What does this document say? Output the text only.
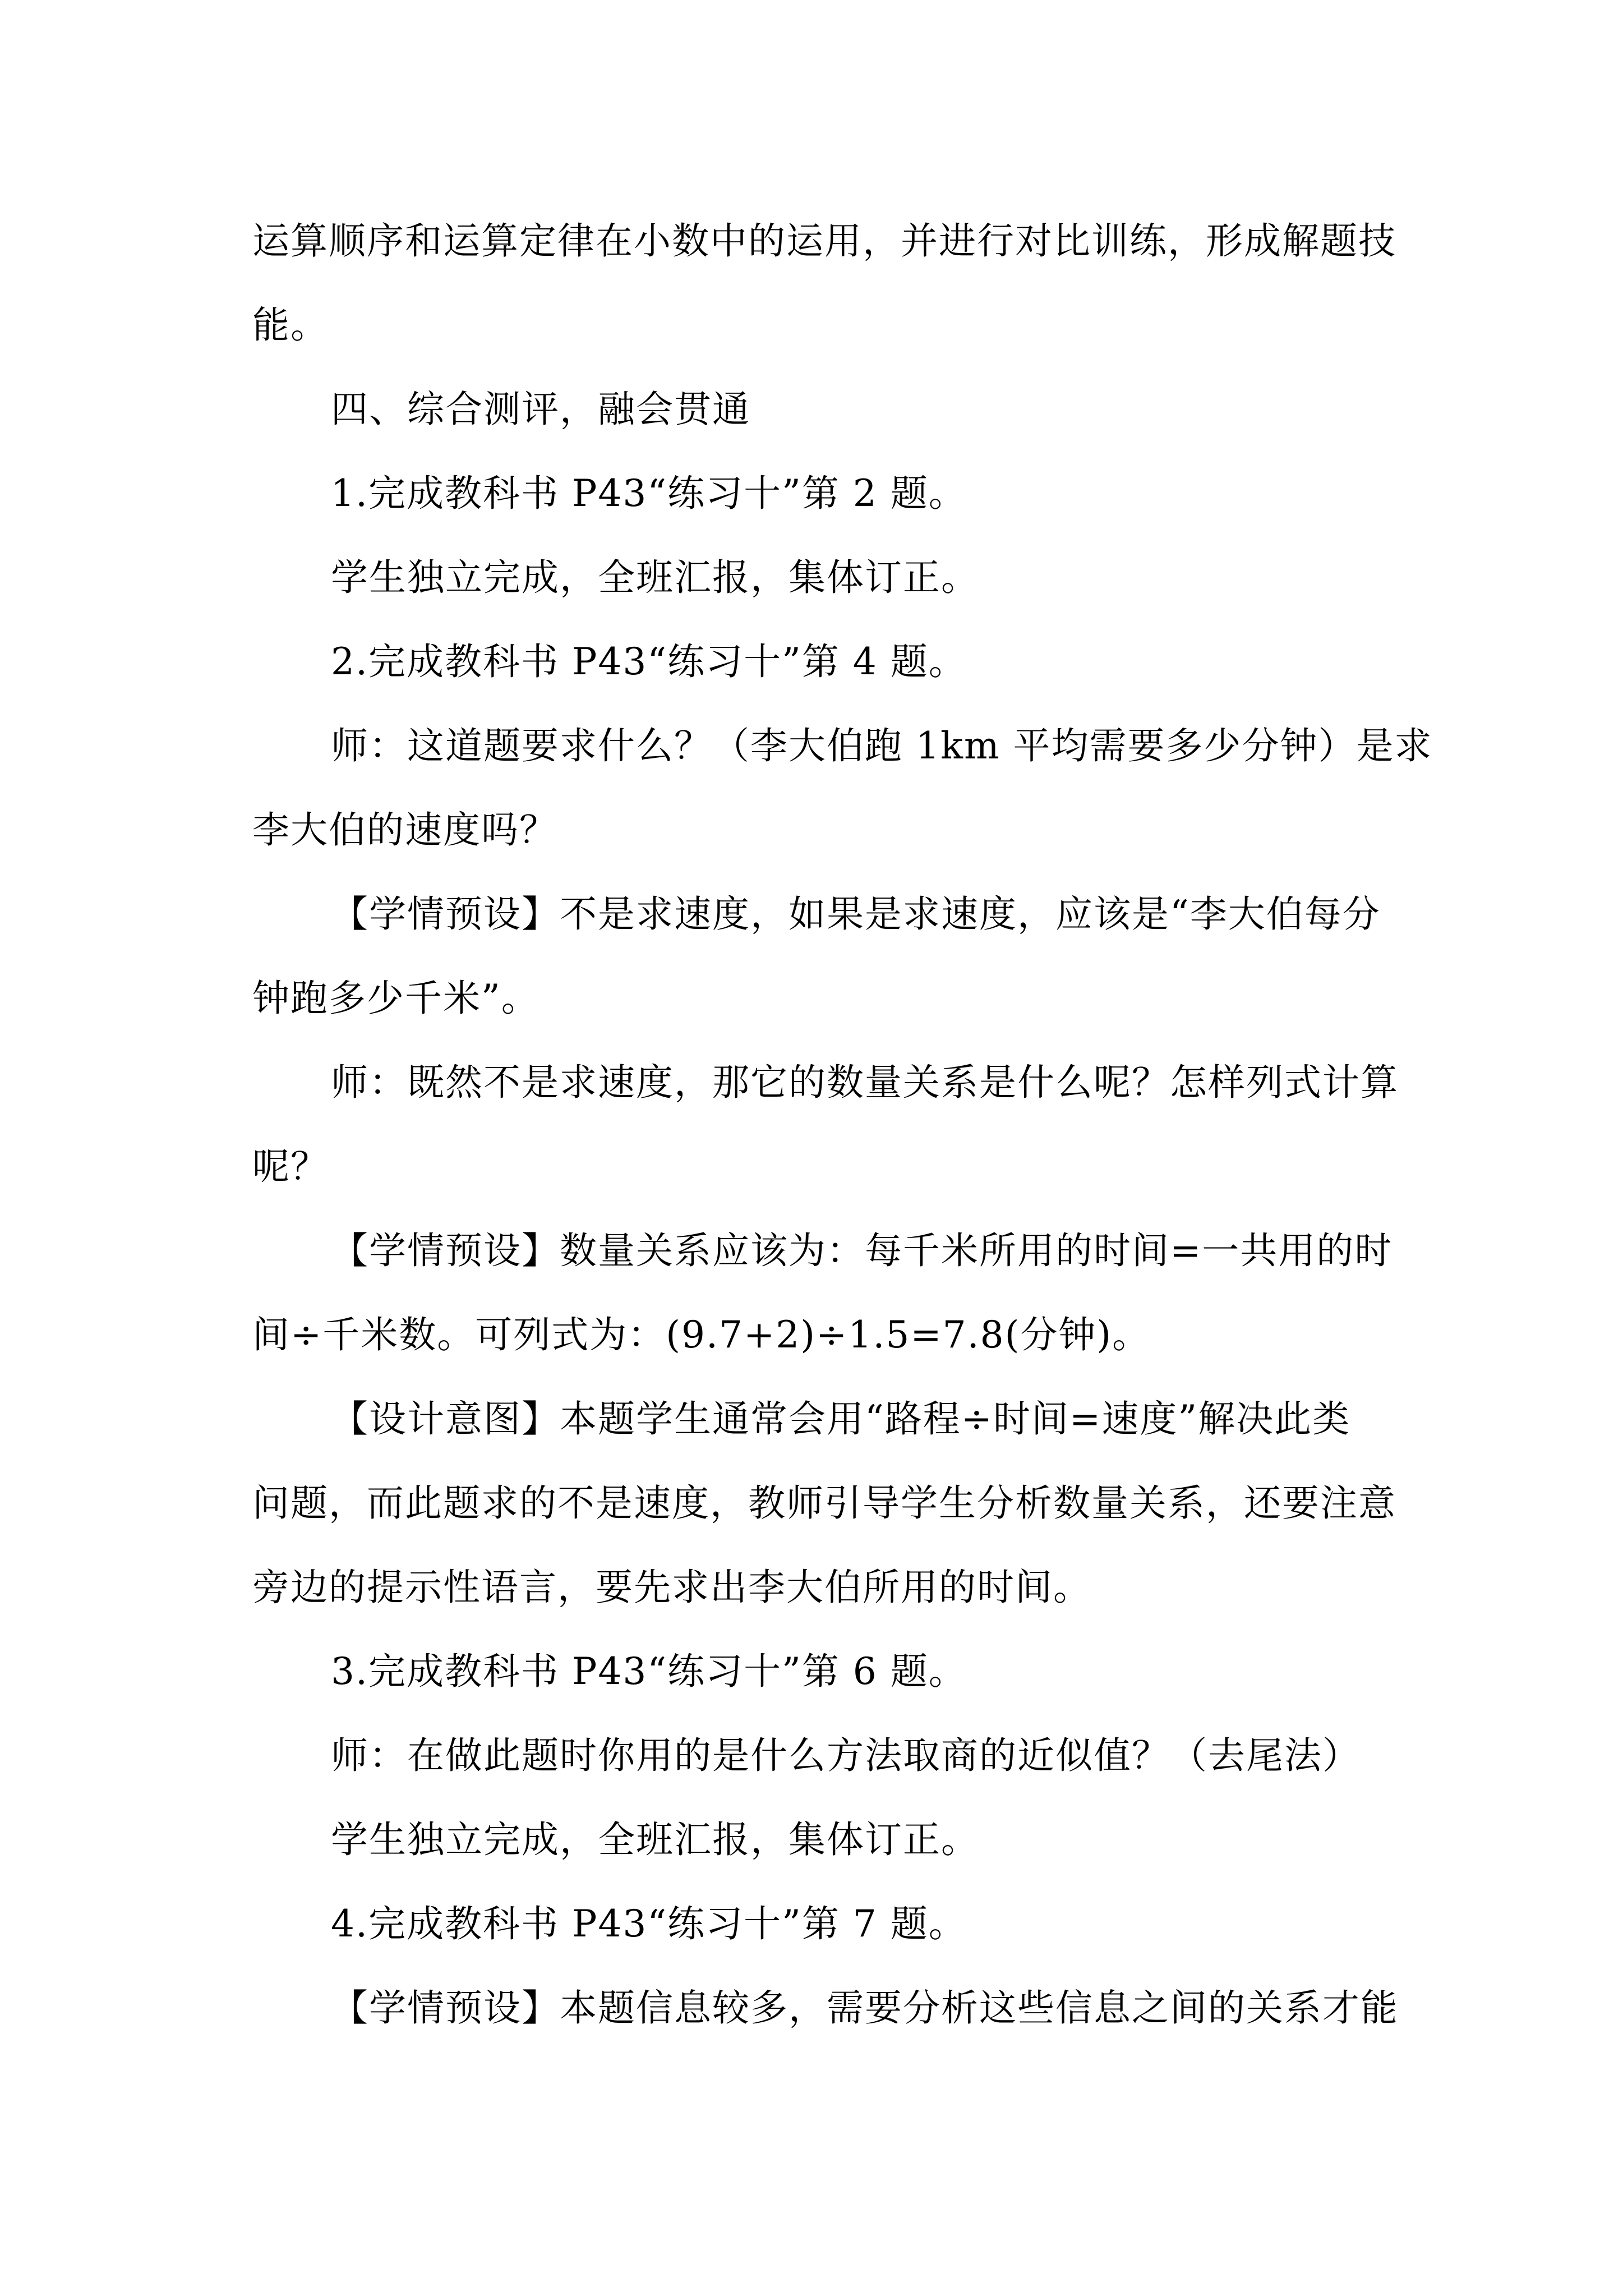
运算顺序和运算定律在小数中的运用，并进行对比训练，形成解题技
能。
四、综合测评，融会贯通
1.完成教科书 P43“练习十”第 2 题。
学生独立完成，全班汇报，集体订正。
2.完成教科书 P43“练习十”第 4 题。
师：这道题要求什么？（李大伯跑 1km 平均需要多少分钟）是求
李大伯的速度吗？
【学情预设】不是求速度，如果是求速度，应该是“李大伯每分
钟跑多少千米”。
师：既然不是求速度，那它的数量关系是什么呢？怎样列式计算
呢？
【学情预设】数量关系应该为：每千米所用的时间=一共用的时
间÷千米数。可列式为：(9.7+2)÷1.5=7.8(分钟)。
【设计意图】本题学生通常会用“路程÷时间=速度”解决此类
问题，而此题求的不是速度，教师引导学生分析数量关系，还要注意
旁边的提示性语言，要先求出李大伯所用的时间。
3.完成教科书 P43“练习十”第 6 题。
师：在做此题时你用的是什么方法取商的近似值？（去尾法）
学生独立完成，全班汇报，集体订正。
4.完成教科书 P43“练习十”第 7 题。
【学情预设】本题信息较多，需要分析这些信息之间的关系才能
